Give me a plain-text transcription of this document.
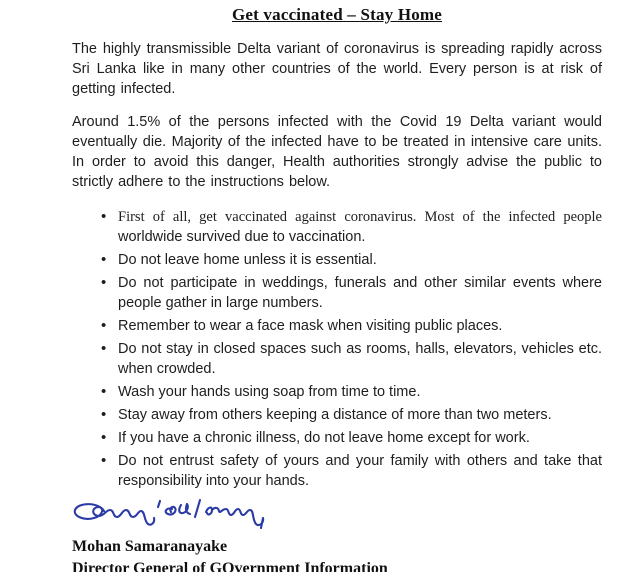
Get vaccinated – Stay Home

The highly transmissible Delta variant of coronavirus is spreading rapidly across Sri Lanka like in many other countries of the world. Every person is at risk of getting infected.

Around 1.5% of the persons infected with the Covid 19 Delta variant would eventually die. Majority of the infected have to be treated in intensive care units. In order to avoid this danger, Health authorities strongly advise the public to strictly adhere to the instructions below.

• First of all, get vaccinated against coronavirus. Most of the infected people worldwide survived due to vaccination.
• Do not leave home unless it is essential.
• Do not participate in weddings, funerals and other similar events where people gather in large numbers.
• Remember to wear a face mask when visiting public places.
• Do not stay in closed spaces such as rooms, halls, elevators, vehicles etc. when crowded.
• Wash your hands using soap from time to time.
• Stay away from others keeping a distance of more than two meters.
• If you have a chronic illness, do not leave home except for work.
• Do not entrust safety of yours and your family with others and take that responsibility into your hands.
Mohan Samaranayake
Director General of GOvernment Information
